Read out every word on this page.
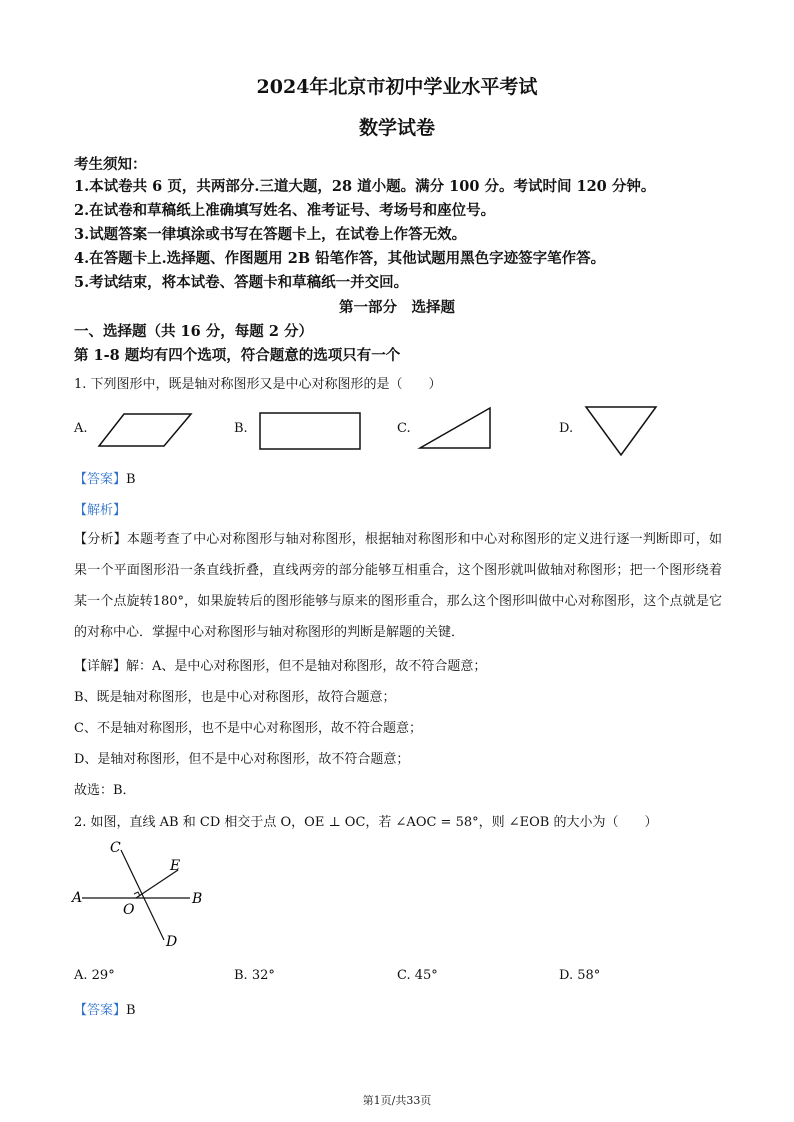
2024年北京市初中学业水平考试
数学试卷
考生须知：
1.本试卷共 6 页，共两部分.三道大题，28 道小题。满分 100 分。考试时间 120 分钟。
2.在试卷和草稿纸上准确填写姓名、准考证号、考场号和座位号。
3.试题答案一律填涂或书写在答题卡上，在试卷上作答无效。
4.在答题卡上.选择题、作图题用 2B 铅笔作答，其他试题用黑色字迹签字笔作答。
5.考试结束，将本试卷、答题卡和草稿纸一并交回。
第一部分　选择题
一、选择题（共 16 分，每题 2 分）
第 1-8 题均有四个选项，符合题意的选项只有一个
1. 下列图形中，既是轴对称图形又是中心对称图形的是（　　）
A.	B.	C.	D.
【答案】B
【解析】
【分析】本题考查了中心对称图形与轴对称图形，根据轴对称图形和中心对称图形的定义进行逐一判断即可，如果一个平面图形沿一条直线折叠，直线两旁的部分能够互相重合，这个图形就叫做轴对称图形；把一个图形绕着某一个点旋转180°，如果旋转后的图形能够与原来的图形重合，那么这个图形叫做中心对称图形，这个点就是它的对称中心．掌握中心对称图形与轴对称图形的判断是解题的关键．
【详解】解：A、是中心对称图形，但不是轴对称图形，故不符合题意；
B、既是轴对称图形，也是中心对称图形，故符合题意；
C、不是轴对称图形，也不是中心对称图形，故不符合题意；
D、是轴对称图形，但不是中心对称图形，故不符合题意；
故选：B．
2. 如图，直线 AB 和 CD 相交于点 O，OE ⊥ OC，若 ∠AOC = 58°，则 ∠EOB 的大小为（　　）
C
E
A	B
O
D
A. 29°	B. 32°	C. 45°	D. 58°
【答案】B
第1页/共33页
